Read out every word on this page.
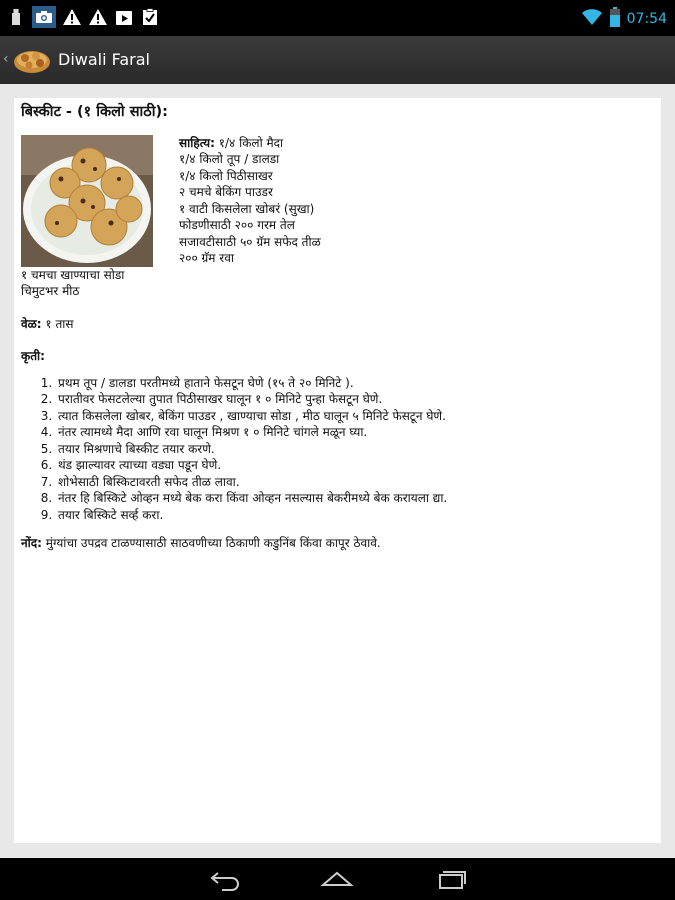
07:54
‹	Diwali Faral
बिस्कीट - (१ किलो साठी):
साहित्य: १/४ किलो मैदा
१/४ किलो तूप / डालडा
१/४ किलो पिठीसाखर
२ चमचे बेकिंग पाउडर
१ वाटी किसलेला खोबरं (सुखा)
फोडणीसाठी २०० गरम तेल
सजावटीसाठी ५० ग्रॅम सफेद तीळ
२०० ग्रॅम रवा

१ चमचा खाण्याचा सोडा

चिमुटभर मीठ

वेळ: १ तास

कृती:

1. प्रथम तूप / डालडा परतीमध्ये हाताने फेसटून घेणे (१५ ते २० मिनिटे ).
2. परातीवर फेसटलेल्या तुपात पिठीसाखर घालून १ ० मिनिटे पुन्हा फेसटून घेणे.
3. त्यात किसलेला खोबर, बेकिंग पाउडर , खाण्याचा सोडा , मीठ घालून ५ मिनिटे फेसटून घेणे.
4. नंतर त्यामध्ये मैदा आणि रवा घालून मिश्रण १ ० मिनिटे चांगले मळून घ्या.
5. तयार मिश्रणाचे बिस्कीट तयार करणे.
6. थंड झाल्यावर त्याच्या वड्या पडून घेणे.
7. शोभेसाठी बिस्किटावरती सफेद तीळ लावा.
8. नंतर हि बिस्किटे ओव्हन मध्ये बेक करा किंवा ओव्हन नसल्यास बेकरीमध्ये बेक करायला द्या.
9. तयार बिस्किटे सर्व्ह करा.

नोंद: मुंग्यांचा उपद्रव टाळण्यासाठी साठवणीच्या ठिकाणी कडुनिंब किंवा कापूर ठेवावे.
